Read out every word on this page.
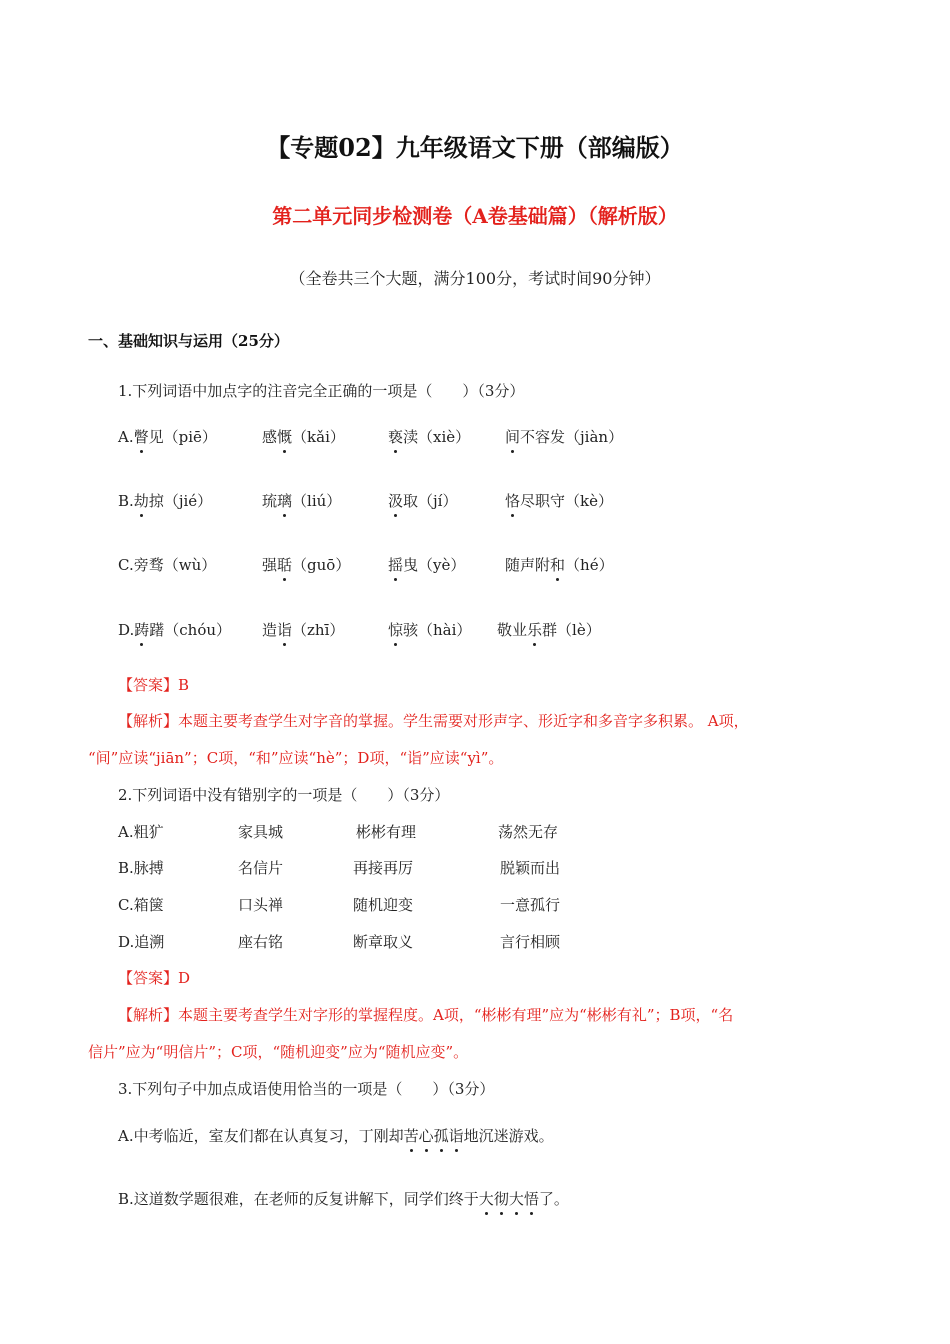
【专题02】九年级语文下册（部编版）
第二单元同步检测卷（A卷基础篇）（解析版）
（全卷共三个大题，满分100分，考试时间90分钟）
一、基础知识与运用（25分）
1.下列词语中加点字的注音完全正确的一项是（　　）（3分）
A.瞥见（piē）	感慨（kǎi）	亵渎（xiè） 间不容发（jiàn）
B.劫掠（jié）	琉璃（liú）	汲取（jí）	恪尽职守（kè）
C.旁骛（wù）	强聒（guō）	摇曳（yè）	随声附和（hé）
D.踌躇（chóu） 造诣（zhī）	惊骇（hài） 敬业乐群（lè）
【答案】B
【解析】本题主要考查学生对字音的掌握。学生需要对形声字、形近字和多音字多积累。 A项，
“间”应读“jiān”；C项，“和”应读“hè”；D项，“诣”应读“yì”。
2.下列词语中没有错别字的一项是（　　）（3分）
A.粗犷	家具城	彬彬有理	荡然无存
B.脉搏	名信片	再接再厉	脱颖而出
C.箱箧	口头禅	随机迎变	一意孤行
D.追溯	座右铭	断章取义	言行相顾
【答案】D
【解析】本题主要考查学生对字形的掌握程度。A项，“彬彬有理”应为“彬彬有礼”；B项，“名
信片”应为“明信片”；C项，“随机迎变”应为“随机应变”。
3.下列句子中加点成语使用恰当的一项是（　　）（3分）
A.中考临近，室友们都在认真复习，丁刚却苦心孤诣地沉迷游戏。
B.这道数学题很难，在老师的反复讲解下，同学们终于大彻大悟了。
